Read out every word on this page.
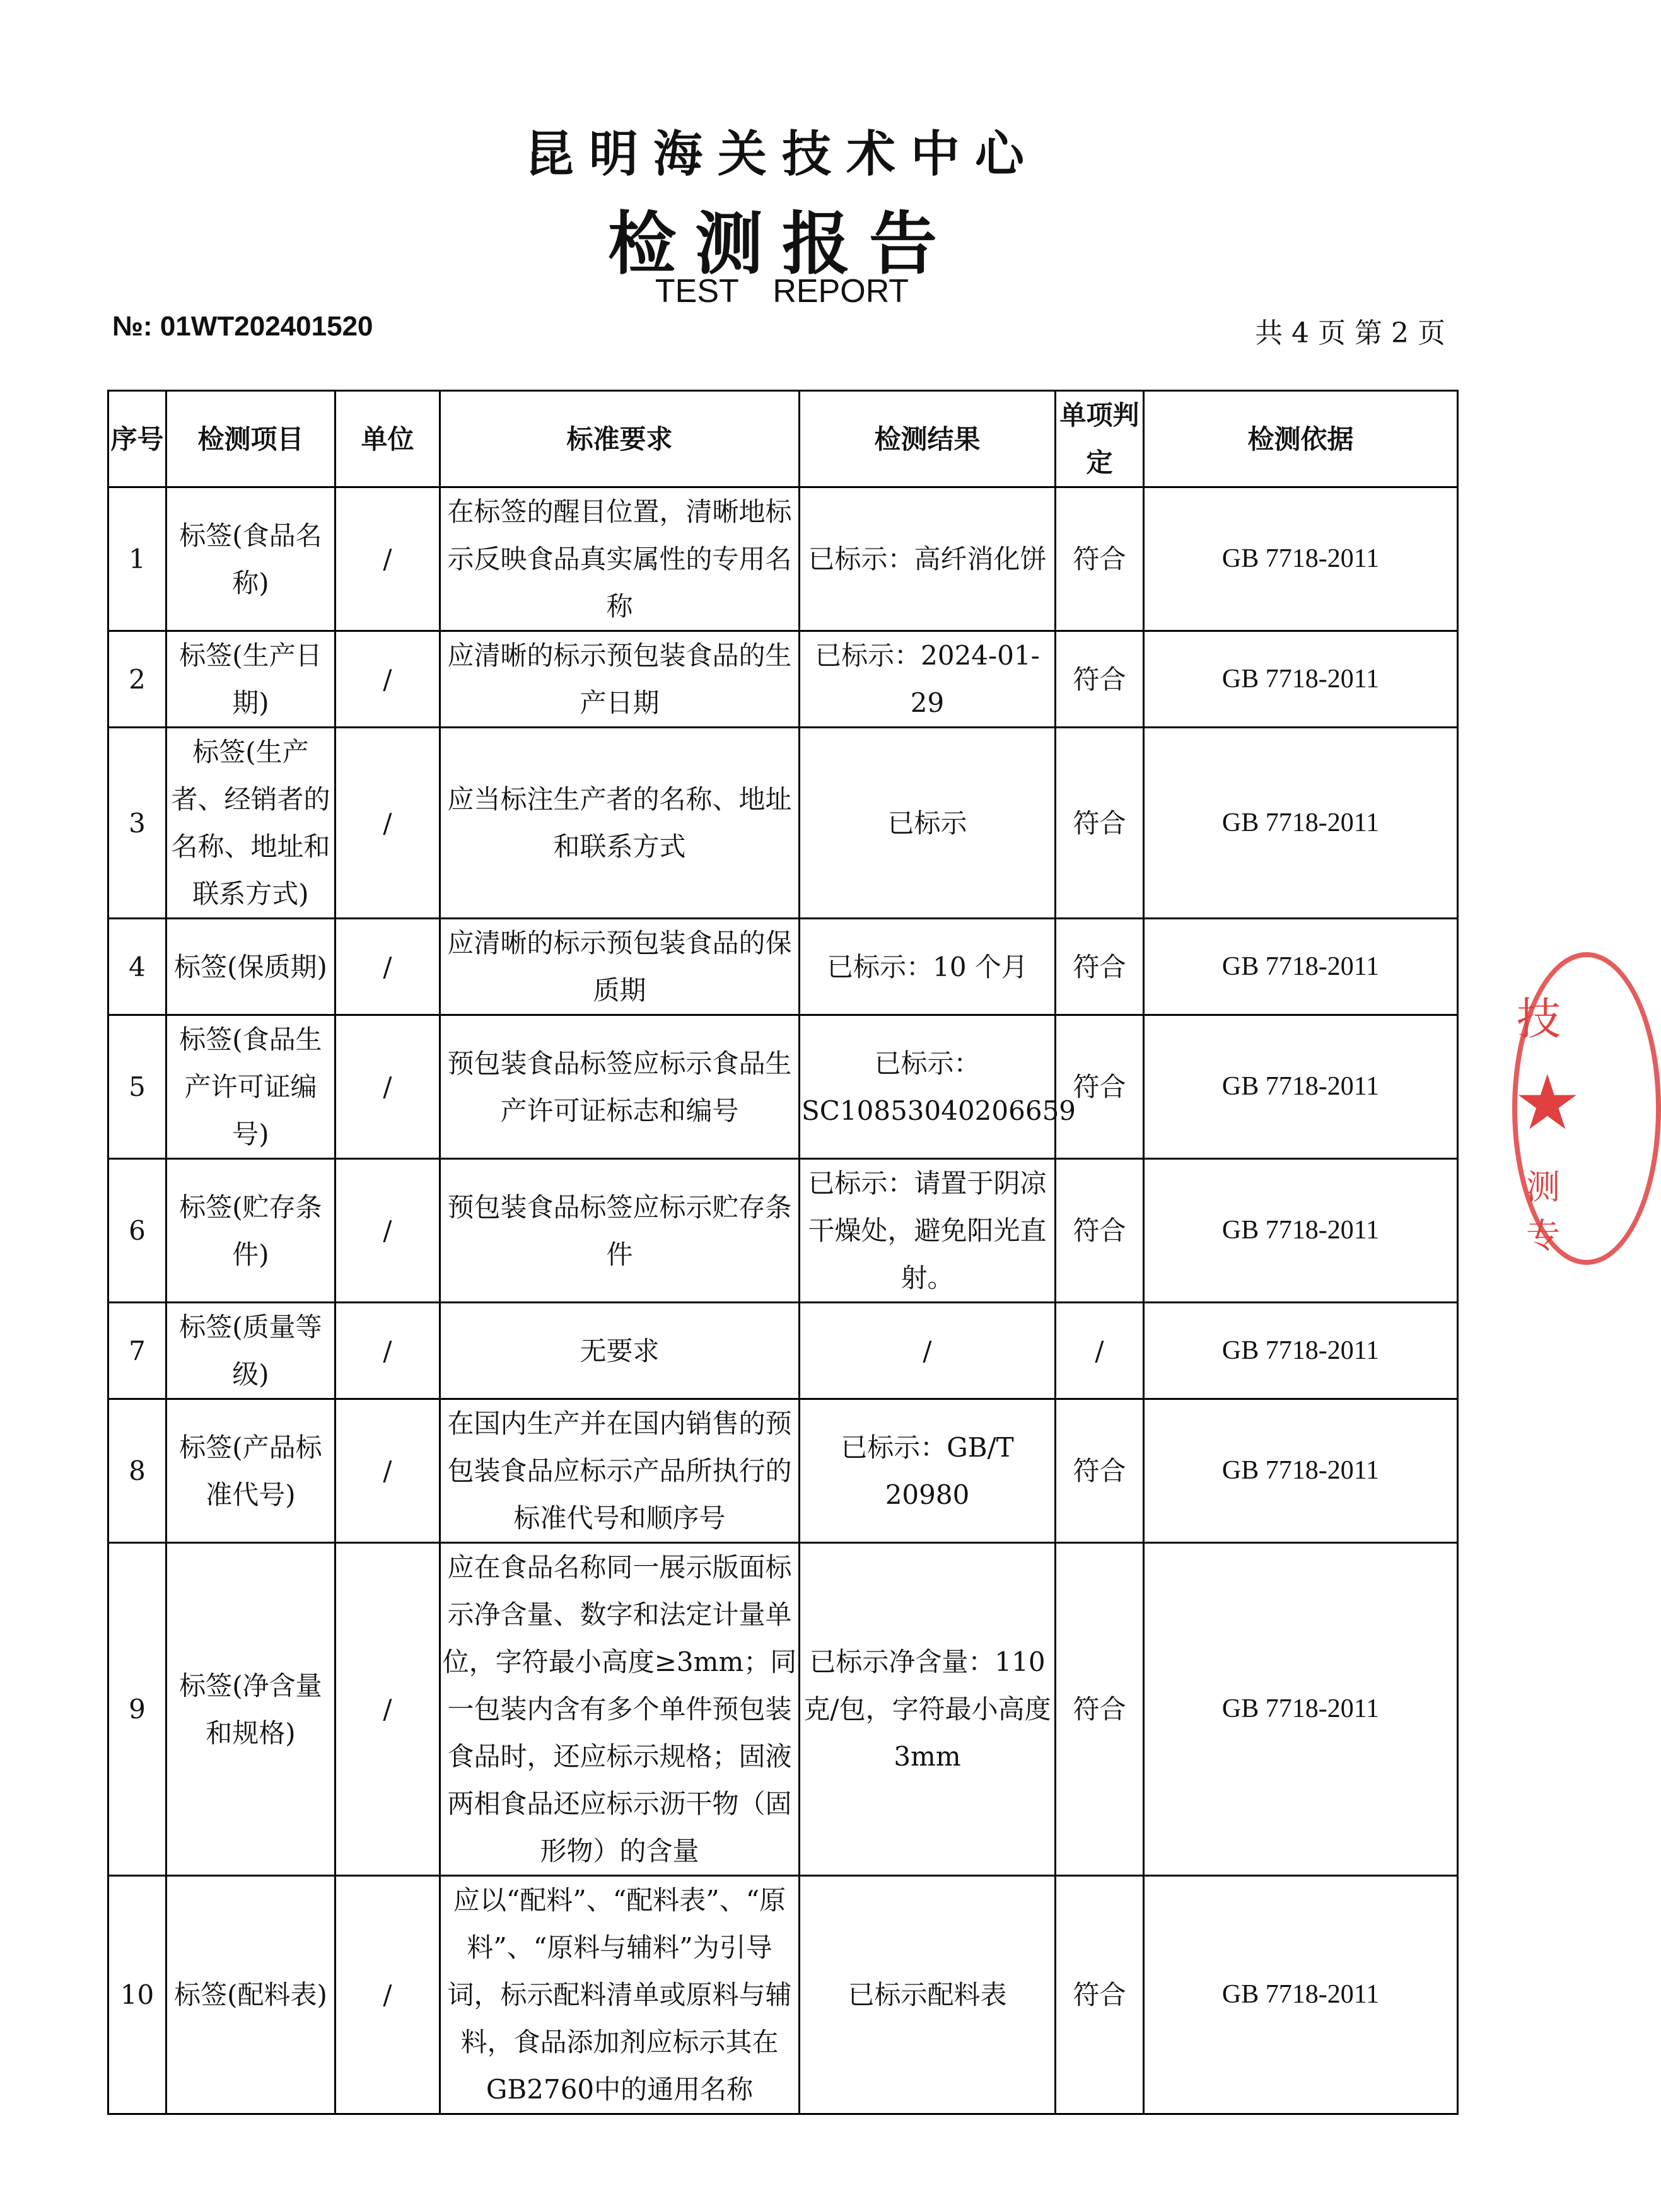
昆明海关技术中心
检测报告
TEST REPORT
№: 01WT202401520	共 4 页 第 2 页
序号	检测项目	单位	标准要求	检测结果	单项判定	检测依据
1	标签(食品名称)	/	在标签的醒目位置，清晰地标示反映食品真实属性的专用名称	已标示：高纤消化饼	符合	GB 7718-2011
2	标签(生产日期)	/	应清晰的标示预包装食品的生产日期	已标示：2024-01-29	符合	GB 7718-2011
3	标签(生产者、经销者的名称、地址和联系方式)	/	应当标注生产者的名称、地址和联系方式	已标示	符合	GB 7718-2011
4	标签(保质期)	/	应清晰的标示预包装食品的保质期	已标示：10 个月	符合	GB 7718-2011
5	标签(食品生产许可证编号)	/	预包装食品标签应标示食品生产许可证标志和编号	已标示：SC10853040206659	符合	GB 7718-2011
6	标签(贮存条件)	/	预包装食品标签应标示贮存条件	已标示：请置于阴凉干燥处，避免阳光直射。	符合	GB 7718-2011
7	标签(质量等级)	/	无要求	/	/	GB 7718-2011
8	标签(产品标准代号)	/	在国内生产并在国内销售的预包装食品应标示产品所执行的标准代号和顺序号	已标示：GB/T 20980	符合	GB 7718-2011
9	标签(净含量和规格)	/	应在食品名称同一展示版面标示净含量、数字和法定计量单位，字符最小高度≥3mm；同一包装内含有多个单件预包装食品时，还应标示规格；固液两相食品还应标示沥干物（固形物）的含量	已标示净含量：110克/包，字符最小高度3mm	符合	GB 7718-2011
10	标签(配料表)	/	应以“配料”、“配料表”、“原料”、“原料与辅料”为引导词，标示配料清单或原料与辅料，食品添加剂应标示其在GB2760中的通用名称	已标示配料表	符合	GB 7718-2011
技
★
测专
